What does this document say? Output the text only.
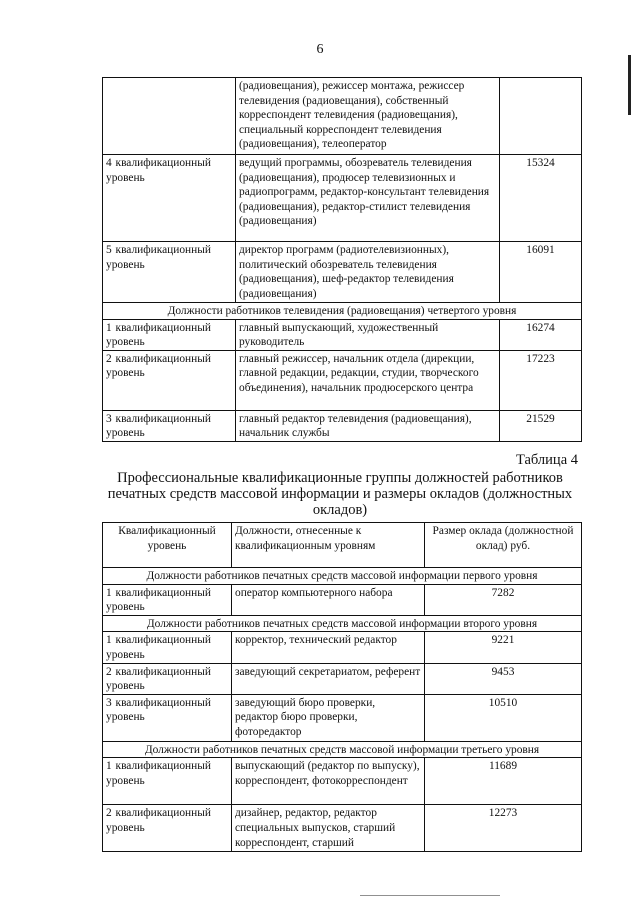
6
	(радиовещания), режиссер монтажа, режиссер телевидения (радиовещания), собственный корреспондент телевидения (радиовещания), специальный корреспондент телевидения (радиовещания), телеоператор	
4 квалификационный уровень	ведущий программы, обозреватель телевидения (радиовещания), продюсер телевизионных и радиопрограмм, редактор-консультант телевидения (радиовещания), редактор-стилист телевидения (радиовещания)	15324
5 квалификационный уровень	директор программ (радиотелевизионных), политический обозреватель телевидения (радиовещания), шеф-редактор телевидения (радиовещания)	16091
Должности работников телевидения (радиовещания) четвертого уровня		
1 квалификационный уровень	главный выпускающий, художественный руководитель	16274
2 квалификационный уровень	главный режиссер, начальник отдела (дирекции, главной редакции, редакции, студии, творческого объединения), начальник продюсерского центра	17223
3 квалификационный уровень	главный редактор телевидения (радиовещания), начальник службы	21529
Таблица 4
Профессиональные квалификационные группы должностей работников печатных средств массовой информации и размеры окладов (должностных окладов)
Квалификационный уровень	Должности, отнесенные к квалификационным уровням	Размер оклада (должностной оклад) руб.
Должности работников печатных средств массовой информации первого уровня		
1 квалификационный уровень	оператор компьютерного набора	7282
Должности работников печатных средств массовой информации второго уровня		
1 квалификационный уровень	корректор, технический редактор	9221
2 квалификационный уровень	заведующий секретариатом, референт	9453
3 квалификационный уровень	заведующий бюро проверки, редактор бюро проверки, фоторедактор	10510
Должности работников печатных средств массовой информации третьего уровня		
1 квалификационный уровень	выпускающий (редактор по выпуску), корреспондент, фотокорреспондент	11689
2 квалификационный уровень	дизайнер, редактор, редактор специальных выпусков, старший корреспондент, старший	12273
